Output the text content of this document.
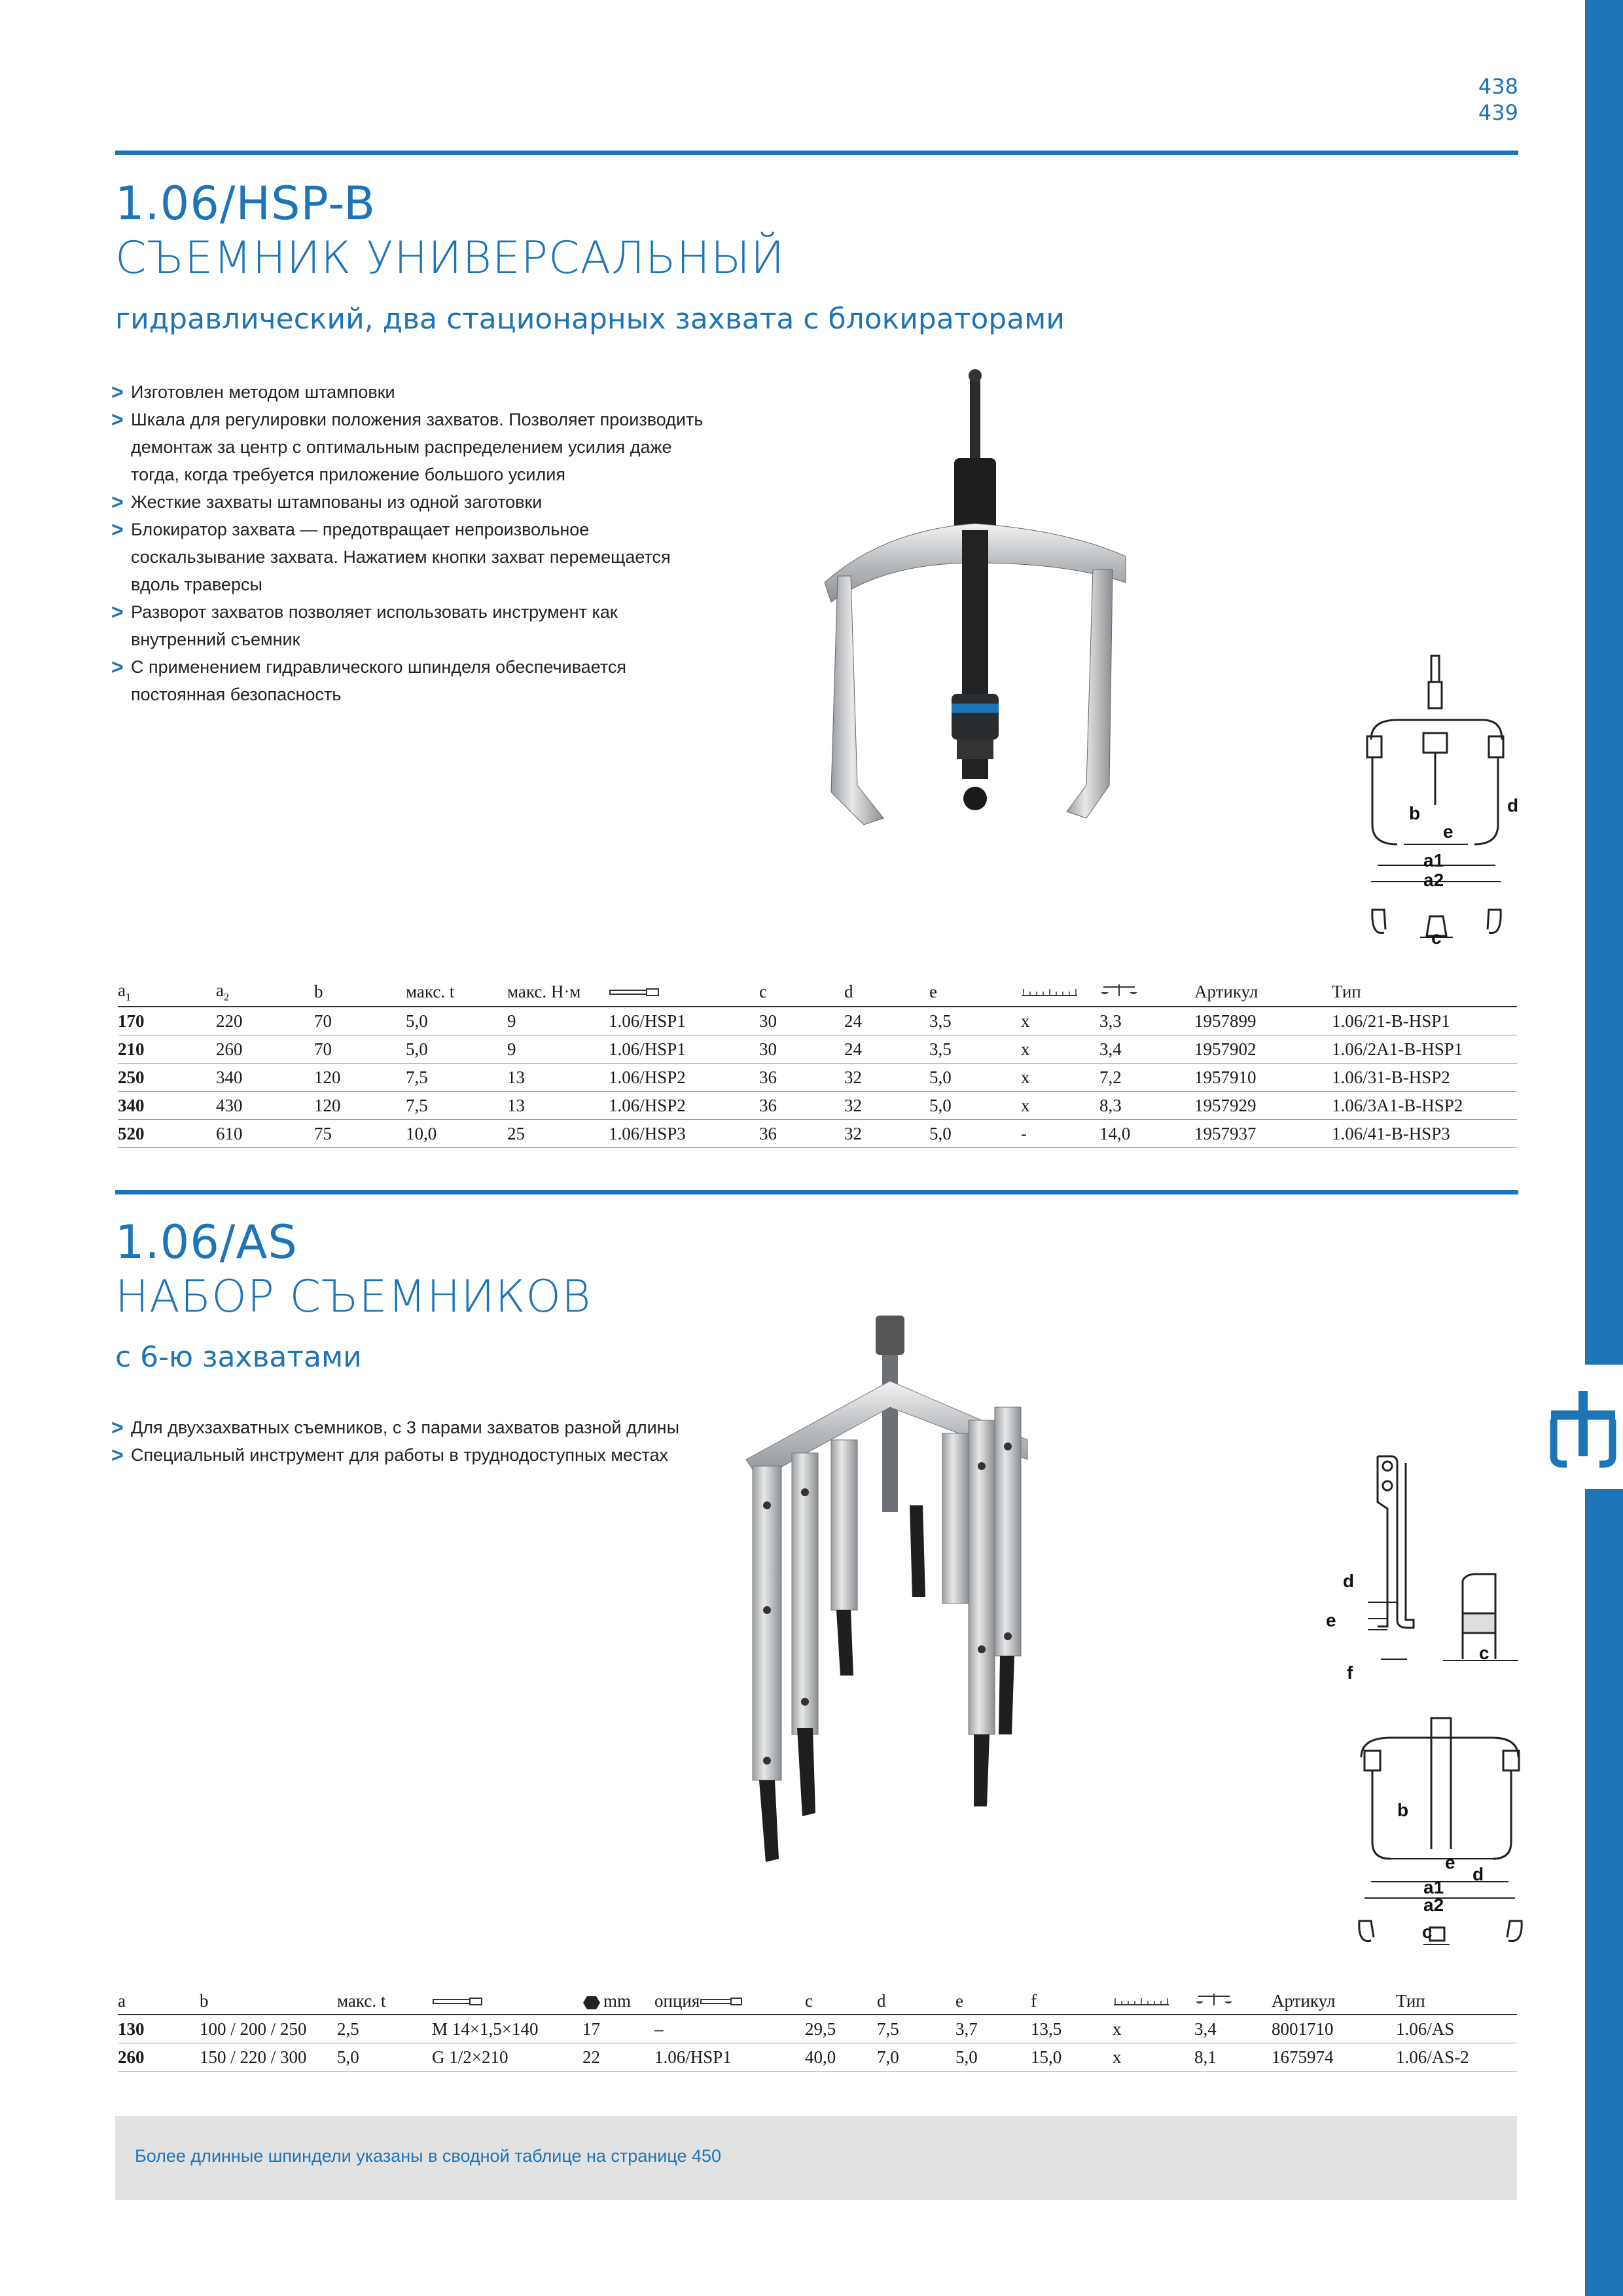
438
439
1.06/HSP-B
СЪЕМНИК УНИВЕРСАЛЬНЫЙ
гидравлический, два стационарных захвата с блокираторами
> Изготовлен методом штамповки
> Шкала для регулировки положения захватов. Позволяет производить
демонтаж за центр с оптимальным распределением усилия даже
тогда, когда требуется приложение большого усилия
> Жесткие захваты штампованы из одной заготовки
> Блокиратор захвата — предотвращает непроизвольное
соскальзывание захвата. Нажатием кнопки захват перемещается
вдоль траверсы
> Разворот захватов позволяет использовать инструмент как
внутренний съемник
> С применением гидравлического шпинделя обеспечивается
постоянная безопасность
b
e
d
a1
a2
c
$a_1$	$a_2$	b	макс. t	макс. Н·м		c	d	e			Артикул	Тип
170	220	70	5,0	9	1.06/HSP1	30	24	3,5	x	3,3	1957899	1.06/21-B-HSP1
210	260	70	5,0	9	1.06/HSP1	30	24	3,5	x	3,4	1957902	1.06/2A1-B-HSP1
250	340	120	7,5	13	1.06/HSP2	36	32	5,0	x	7,2	1957910	1.06/31-B-HSP2
340	430	120	7,5	13	1.06/HSP2	36	32	5,0	x	8,3	1957929	1.06/3A1-B-HSP2
520	610	75	10,0	25	1.06/HSP3	36	32	5,0	-	14,0	1957937	1.06/41-B-HSP3
1.06/AS
НАБОР СЪЕМНИКОВ
с 6-ю захватами
> Для двухзахватных съемников, с 3 парами захватов разной длины
> Специальный инструмент для работы в труднодоступных местах
d
e
f
c
b
e
d
a1
a2
c
a	b	макс. t		mm	опция	c	d	e	f			Артикул	Тип
130	100 / 200 / 250	2,5	M 14×1,5×140	17	–	29,5	7,5	3,7	13,5	x	3,4	8001710	1.06/AS
260	150 / 220 / 300	5,0	G 1/2×210	22	1.06/HSP1	40,0	7,0	5,0	15,0	x	8,1	1675974	1.06/AS-2
Более длинные шпиндели указаны в сводной таблице на странице 450
